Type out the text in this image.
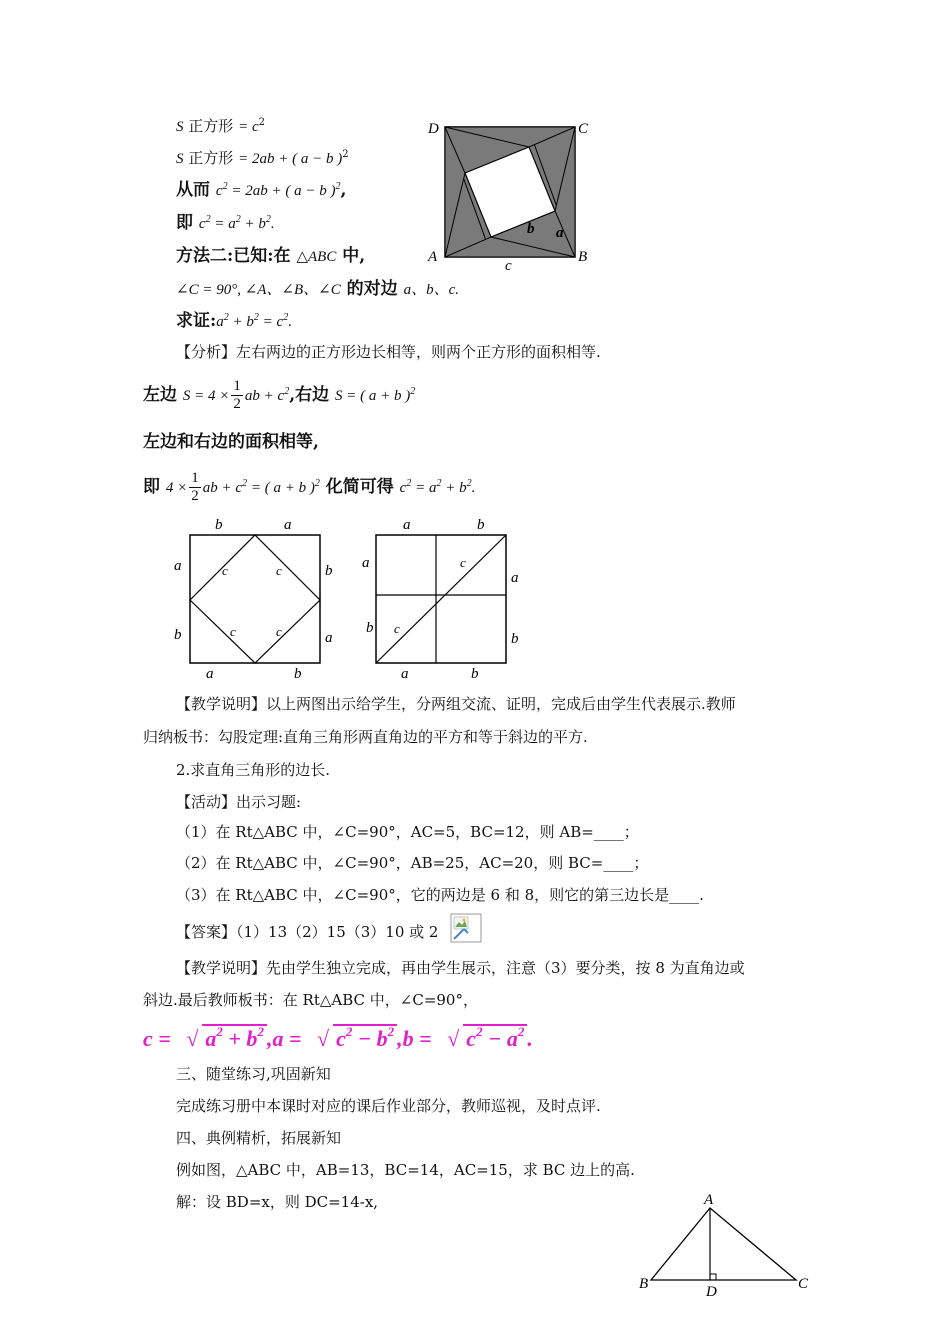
S 正方形 = $c^2$
S 正方形 = 2ab + ( a − b )$^2$
从而 $c^2 = 2ab$ + ( a − b )$^2$,
即 $c^2 = a^2 + b^2$.
方法二:已知:在 △ABC 中,
∠C = 90°, ∠A、∠B、∠C 的对边 a、b、c.
求证$:a^2 + b^2 = c^2$.
D	C
A	B
b a
c
【分析】左右两边的正方形边长相等，则两个正方形的面积相等.
左边 $S = 4 \times \frac{1}{2}$ ab + $c^2$,右边 S = ( a + b )$^2$
左边和右边的面积相等,
即 $4 \times \frac{1}{2}$ ab + $c^2$ = ( a + b )$^2$ 化简可得 $c^2 = a^2 + b^2$.
b	a
a
b
b
a
a	b
c	c
c	c
a	b
a
b
a
b
a	b
c
c
【教学说明】以上两图出示给学生，分两组交流、证明，完成后由学生代表展示.教师
归纳板书：勾股定理:直角三角形两直角边的平方和等于斜边的平方.
2.求直角三角形的边长.
【活动】出示习题:
（1）在 Rt△ABC 中，∠C=90°，AC=5，BC=12，则 AB=____；
（2）在 Rt△ABC 中，∠C=90°，AB=25，AC=20，则 BC=____；
（3）在 Rt△ABC 中，∠C=90°，它的两边是 6 和 8，则它的第三边长是____.
【答案】（1）13（2）15（3）10 或 2
【教学说明】先由学生独立完成，再由学生展示，注意（3）要分类，按 8 为直角边或
斜边.最后教师板书：在 Rt△ABC 中，∠C=90°，
c = √ $a^2 + b^2$ ,a = √ $c^2 - b^2$ ,b = √ $c^2 - a^2$ .
三、随堂练习,巩固新知
完成练习册中本课时对应的课后作业部分，教师巡视，及时点评.
四、典例精析，拓展新知
例如图，△ABC 中，AB=13，BC=14，AC=15，求 BC 边上的高.
解：设 BD=x，则 DC=14-x,	A
B	C
D
